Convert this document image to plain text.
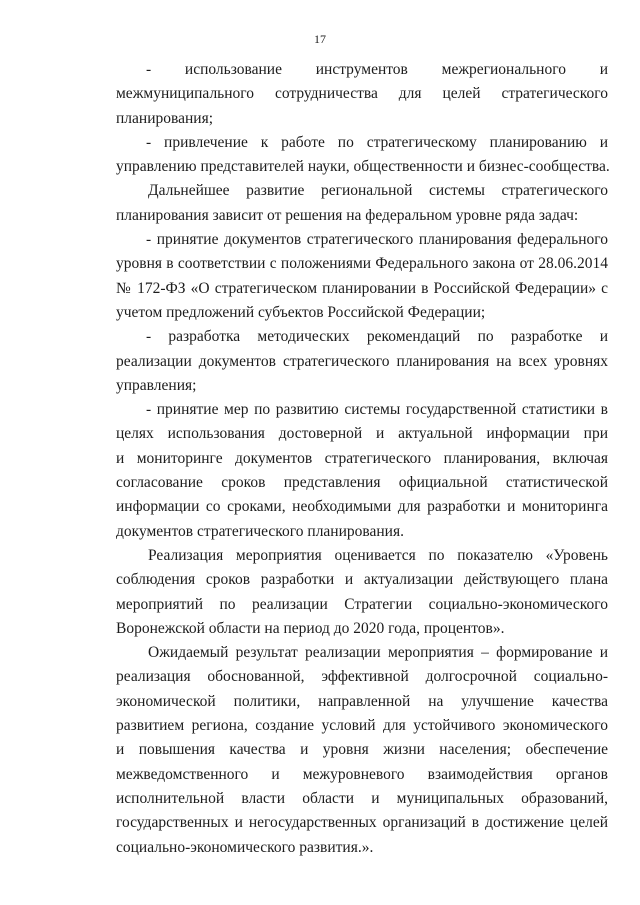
17
- использование инструментов межрегионального и
межмуниципального сотрудничества для целей стратегического
планирования;
- привлечение к работе по стратегическому планированию и
управлению представителей науки, общественности и бизнес-сообщества.
Дальнейшее развитие региональной системы стратегического
планирования зависит от решения на федеральном уровне ряда задач:
- принятие документов стратегического планирования федерального
уровня в соответствии с положениями Федерального закона от 28.06.2014
№ 172-ФЗ «О стратегическом планировании в Российской Федерации» с
учетом предложений субъектов Российской Федерации;
- разработка методических рекомендаций по разработке и
реализации документов стратегического планирования на всех уровнях
управления;
- принятие мер по развитию системы государственной статистики в
целях использования достоверной и актуальной информации при
и мониторинге документов стратегического планирования, включая
согласование сроков представления официальной статистической
информации со сроками, необходимыми для разработки и мониторинга
документов стратегического планирования.
Реализация мероприятия оценивается по показателю «Уровень
соблюдения сроков разработки и актуализации действующего плана
мероприятий по реализации Стратегии социально-экономического
Воронежской области на период до 2020 года, процентов».
Ожидаемый результат реализации мероприятия – формирование и
реализация обоснованной, эффективной долгосрочной социально-
экономической политики, направленной на улучшение качества
развитием региона, создание условий для устойчивого экономического
и повышения качества и уровня жизни населения; обеспечение
межведомственного и межуровневого взаимодействия органов
исполнительной власти области и муниципальных образований,
государственных и негосударственных организаций в достижение целей
социально-экономического развития.».
